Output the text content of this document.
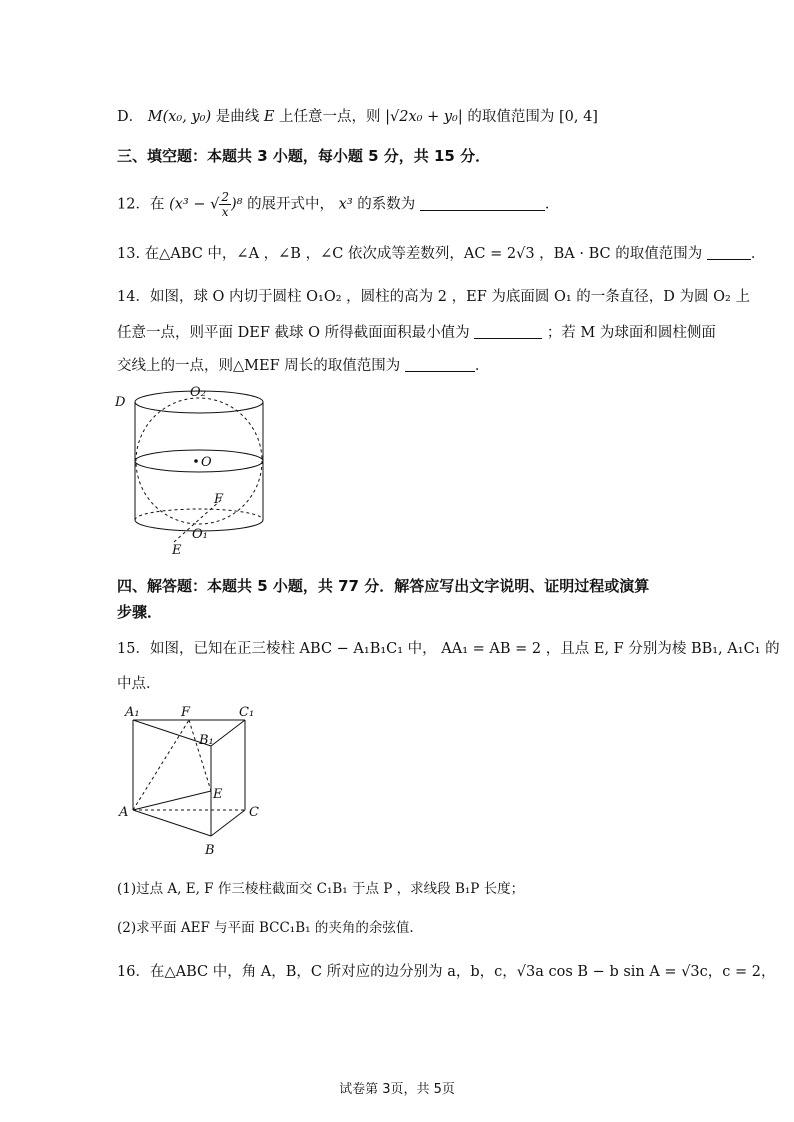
D． M(x₀, y₀) 是曲线 E 上任意一点，则 |√2x₀ + y₀| 的取值范围为 [0, 4]
三、填空题：本题共 3 小题，每小题 5 分，共 15 分．
12．在 (x³ − √ $\frac{2}{x} )^8$ 的展开式中， x³ 的系数为	．
13. 在△ABC 中，∠A ，∠B ，∠C 依次成等差数列，AC = 2√3 ，BA · BC 的取值范围为	．
14．如图，球 O 内切于圆柱 O₁O₂ ，圆柱的高为 2 ，EF 为底面圆 O₁ 的一条直径，D 为圆 O₂ 上
任意一点，则平面 DEF 截球 O 所得截面面积最小值为	；若 M 为球面和圆柱侧面
交线上的一点，则△MEF 周长的取值范围为	．
D
O₂
O
F
O₁
E
四、解答题：本题共 5 小题，共 77 分．解答应写出文字说明、证明过程或演算
步骤．
15．如图，已知在正三棱柱 ABC − A₁B₁C₁ 中， AA₁ = AB = 2 ，且点 E, F 分别为棱 BB₁, A₁C₁ 的
中点．
A₁	F	C₁
B₁
E
A	C
B
(1)过点 A, E, F 作三棱柱截面交 C₁B₁ 于点 P ，求线段 B₁P 长度；
(2)求平面 AEF 与平面 BCC₁B₁ 的夹角的余弦值.
16．在△ABC 中，角 A，B，C 所对应的边分别为 a，b，c，√3a cos B − b sin A = √3c，c = 2，
试卷第 3页，共 5页
